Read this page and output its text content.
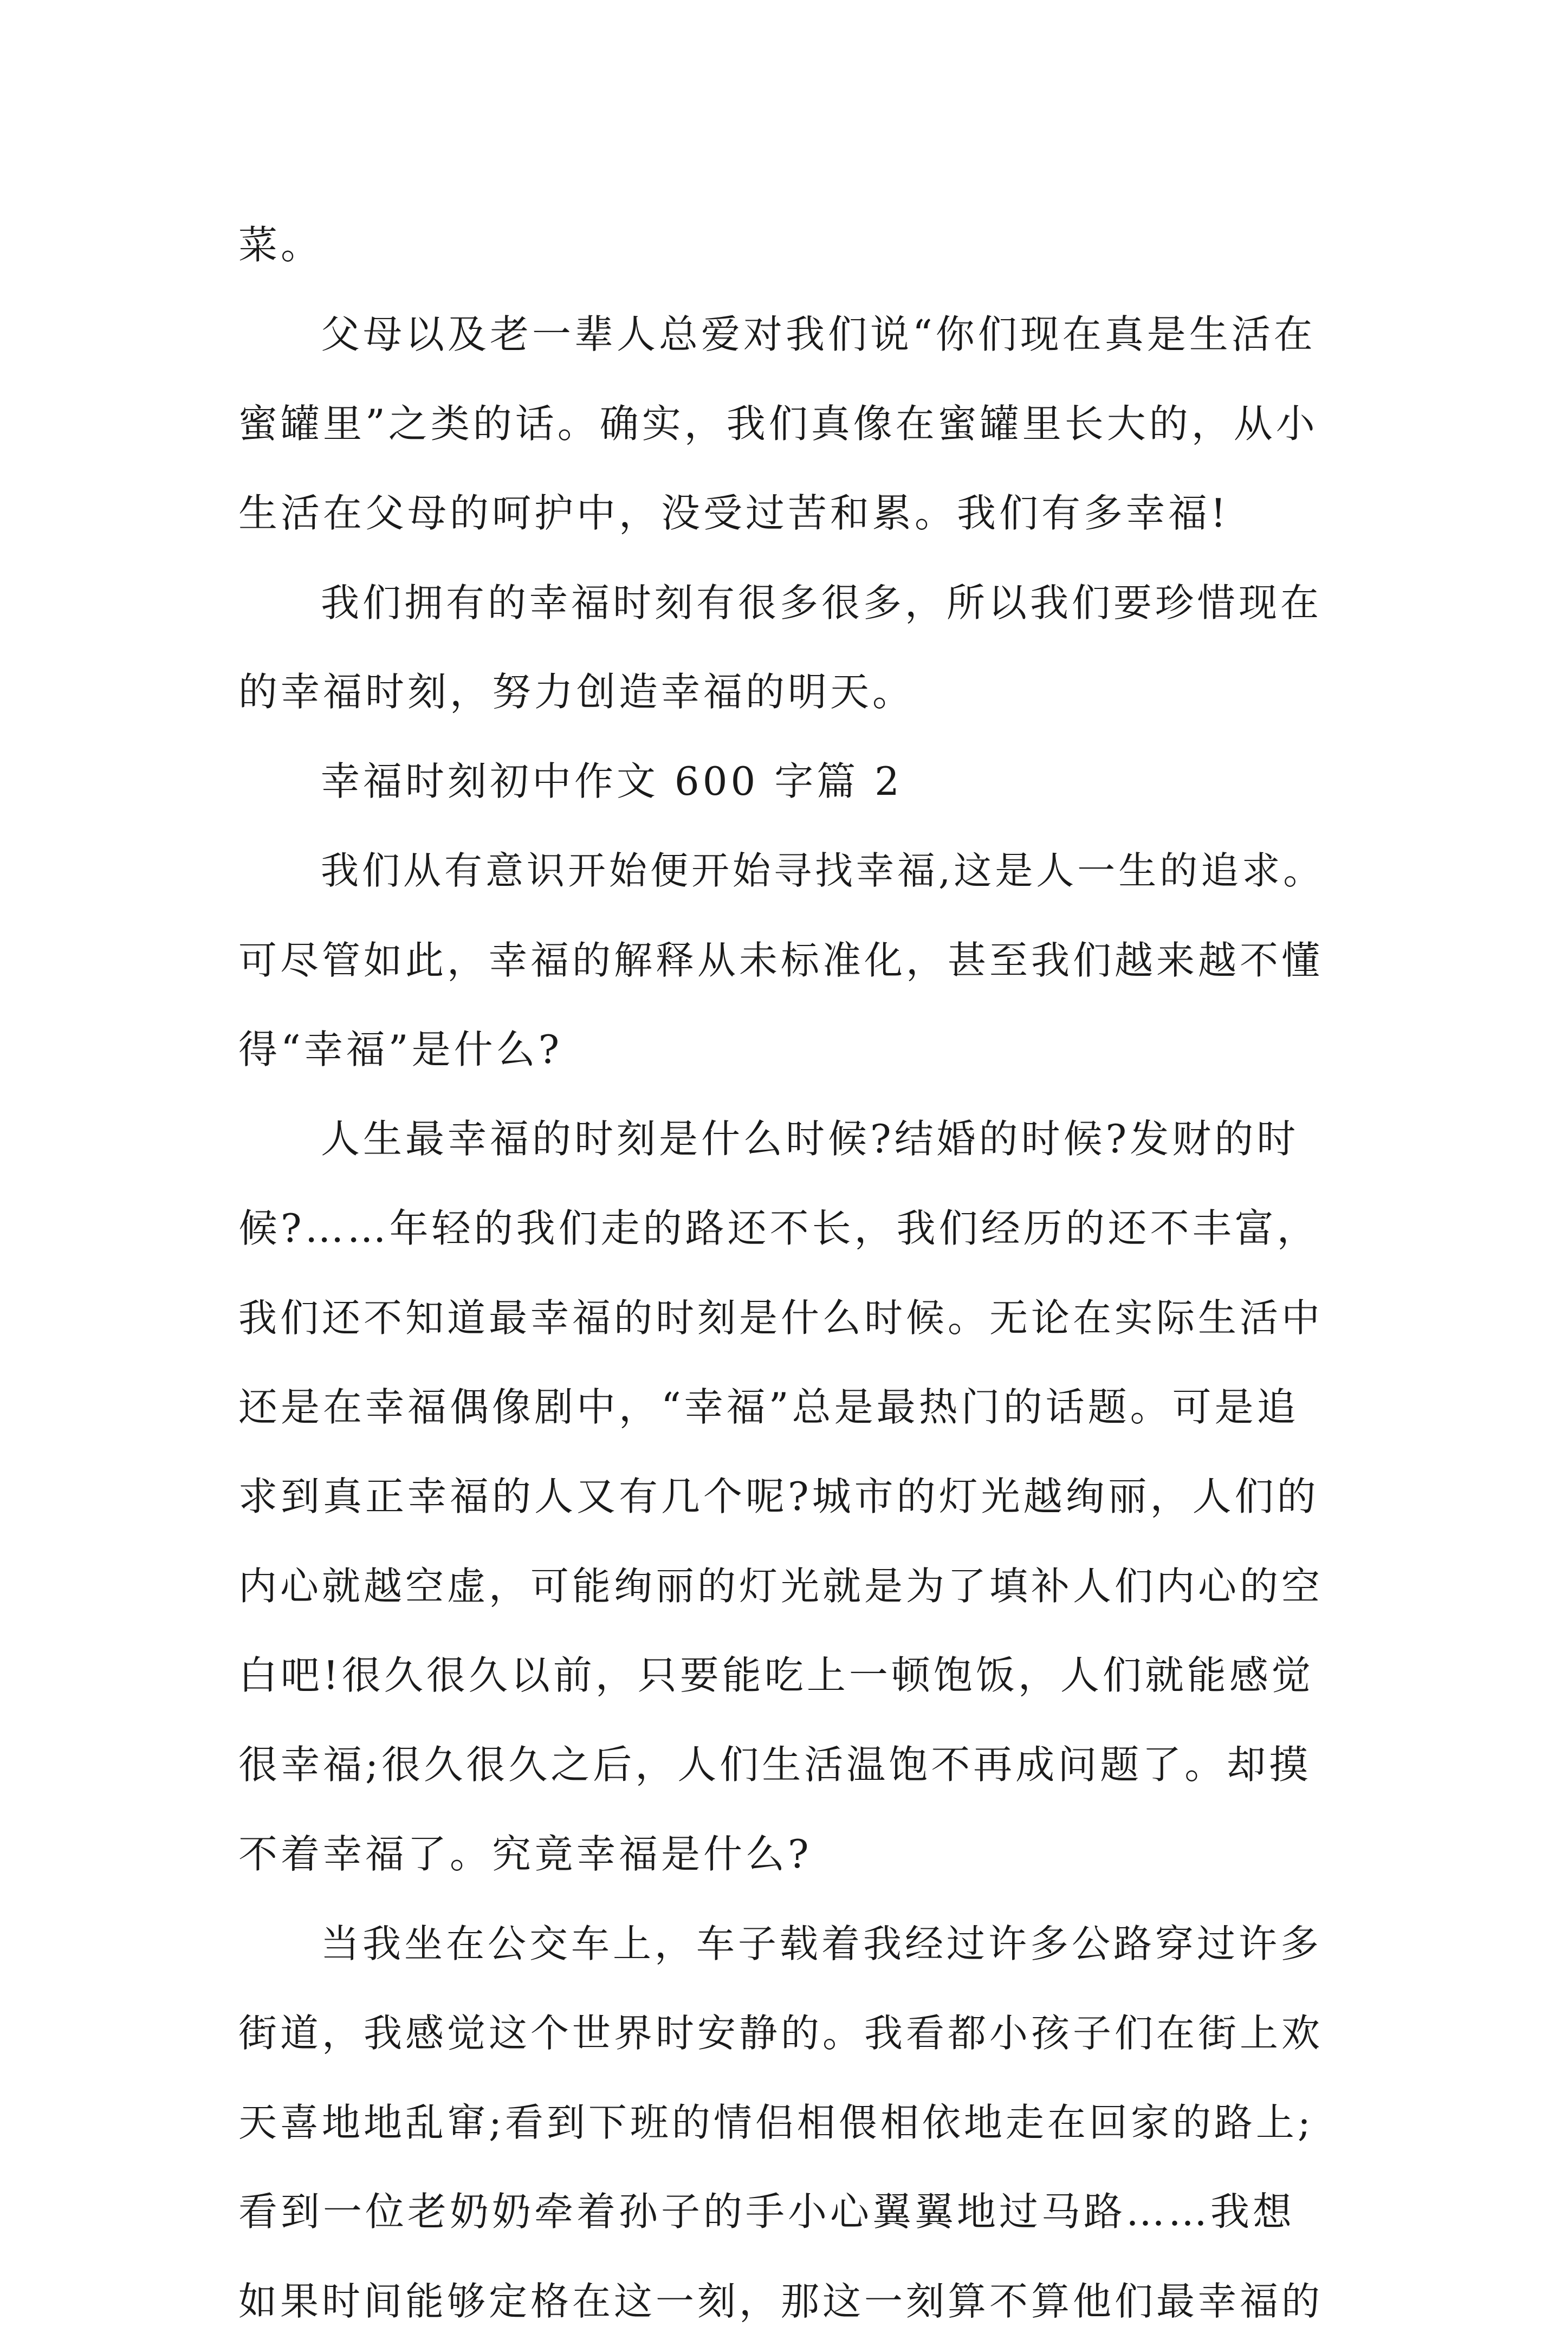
菜。
父母以及老一辈人总爱对我们说“你们现在真是生活在
蜜罐里”之类的话。确实，我们真像在蜜罐里长大的，从小
生活在父母的呵护中，没受过苦和累。我们有多幸福!
我们拥有的幸福时刻有很多很多，所以我们要珍惜现在
的幸福时刻，努力创造幸福的明天。
幸福时刻初中作文 600 字篇 2
我们从有意识开始便开始寻找幸福,这是人一生的追求。
可尽管如此，幸福的解释从未标准化，甚至我们越来越不懂
得“幸福”是什么?
人生最幸福的时刻是什么时候?结婚的时候?发财的时
候?……年轻的我们走的路还不长，我们经历的还不丰富，
我们还不知道最幸福的时刻是什么时候。无论在实际生活中
还是在幸福偶像剧中，“幸福”总是最热门的话题。可是追
求到真正幸福的人又有几个呢?城市的灯光越绚丽，人们的
内心就越空虚，可能绚丽的灯光就是为了填补人们内心的空
白吧!很久很久以前，只要能吃上一顿饱饭，人们就能感觉
很幸福;很久很久之后，人们生活温饱不再成问题了。却摸
不着幸福了。究竟幸福是什么?
当我坐在公交车上，车子载着我经过许多公路穿过许多
街道，我感觉这个世界时安静的。我看都小孩子们在街上欢
天喜地地乱窜;看到下班的情侣相偎相依地走在回家的路上;
看到一位老奶奶牵着孙子的手小心翼翼地过马路……我想
如果时间能够定格在这一刻，那这一刻算不算他们最幸福的
